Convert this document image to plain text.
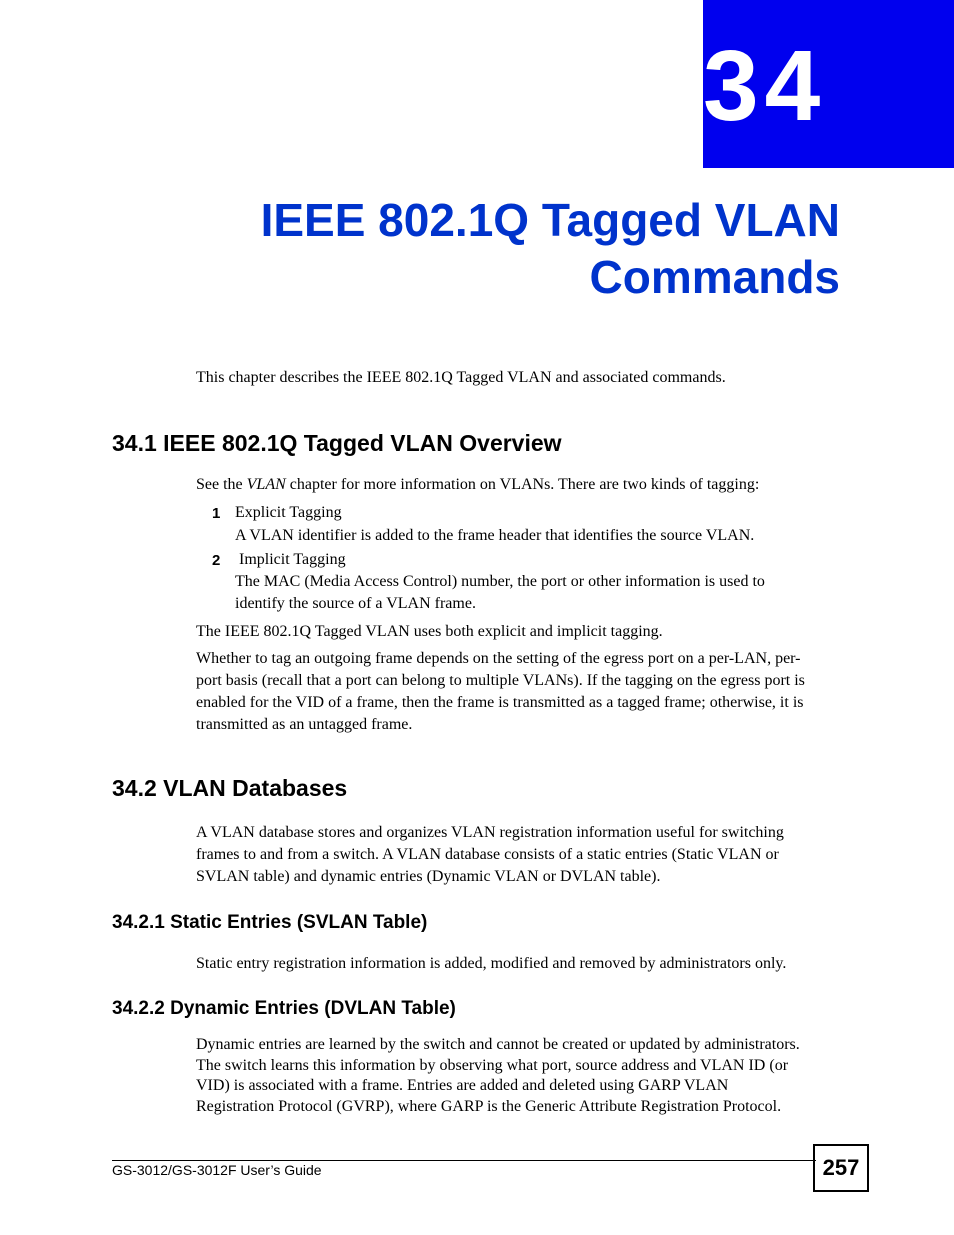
34
IEEE 802.1Q Tagged VLAN
Commands
This chapter describes the IEEE 802.1Q Tagged VLAN and associated commands.
34.1 IEEE 802.1Q Tagged VLAN Overview
See the VLAN chapter for more information on VLANs. There are two kinds of tagging:
1 Explicit Tagging
A VLAN identifier is added to the frame header that identifies the source VLAN.
2 Implicit Tagging
The MAC (Media Access Control) number, the port or other information is used to
identify the source of a VLAN frame.
The IEEE 802.1Q Tagged VLAN uses both explicit and implicit tagging.
Whether to tag an outgoing frame depends on the setting of the egress port on a per-LAN, per-
port basis (recall that a port can belong to multiple VLANs). If the tagging on the egress port is
enabled for the VID of a frame, then the frame is transmitted as a tagged frame; otherwise, it is
transmitted as an untagged frame.
34.2 VLAN Databases
A VLAN database stores and organizes VLAN registration information useful for switching
frames to and from a switch. A VLAN database consists of a static entries (Static VLAN or
SVLAN table) and dynamic entries (Dynamic VLAN or DVLAN table).
34.2.1 Static Entries (SVLAN Table)
Static entry registration information is added, modified and removed by administrators only.
34.2.2 Dynamic Entries (DVLAN Table)
Dynamic entries are learned by the switch and cannot be created or updated by administrators.
The switch learns this information by observing what port, source address and VLAN ID (or
VID) is associated with a frame. Entries are added and deleted using GARP VLAN
Registration Protocol (GVRP), where GARP is the Generic Attribute Registration Protocol.
GS-3012/GS-3012F User’s Guide	257
